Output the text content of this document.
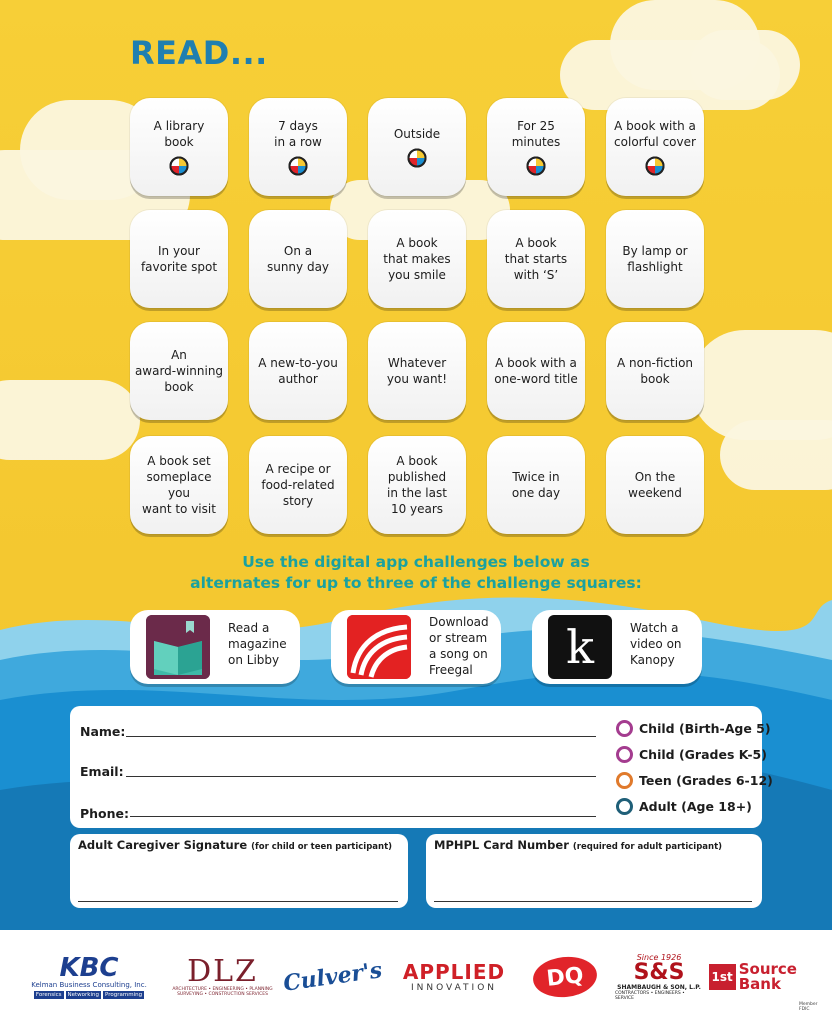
READ...
A library
book
7 days
in a row
Outside
For 25
minutes
A book with a
colorful cover
In your
favorite spot
On a
sunny day
A book
that makes
you smile
A book
that starts
with ‘S’
By lamp or
flashlight
An
award-winning
book
A new-to-you
author
Whatever
you want!
A book with a
one-word title
A non-fiction
book
A book set
someplace you
want to visit
A recipe or
food-related
story
A book
published
in the last
10 years
Twice in
one day
On the
weekend
Use the digital app challenges below as
alternates for up to three of the challenge squares:
Read a
magazine
on Libby
Download
or stream
a song on
Freegal	k	Watch a
video on
Kanopy
Name:
Email:
Phone:
Child (Birth-Age 5)
Child (Grades K-5)
Teen (Grades 6-12)
Adult (Age 18+)
Adult Caregiver Signature (for child or teen participant)	MPHPL Card Number (required for adult participant)
KBC
Kelman Business Consulting, Inc.
Forensics	Networking	Programming
DLZ
ARCHITECTURE • ENGINEERING • PLANNING
SURVEYING • CONSTRUCTION SERVICES Culver's APPLIED
INNOVATION DQ
Since 1926
S&S
SHAMBAUGH & SON, L.P.
CONTRACTORS • ENGINEERS • SERVICE
1st Source
Bank
Member FDIC
